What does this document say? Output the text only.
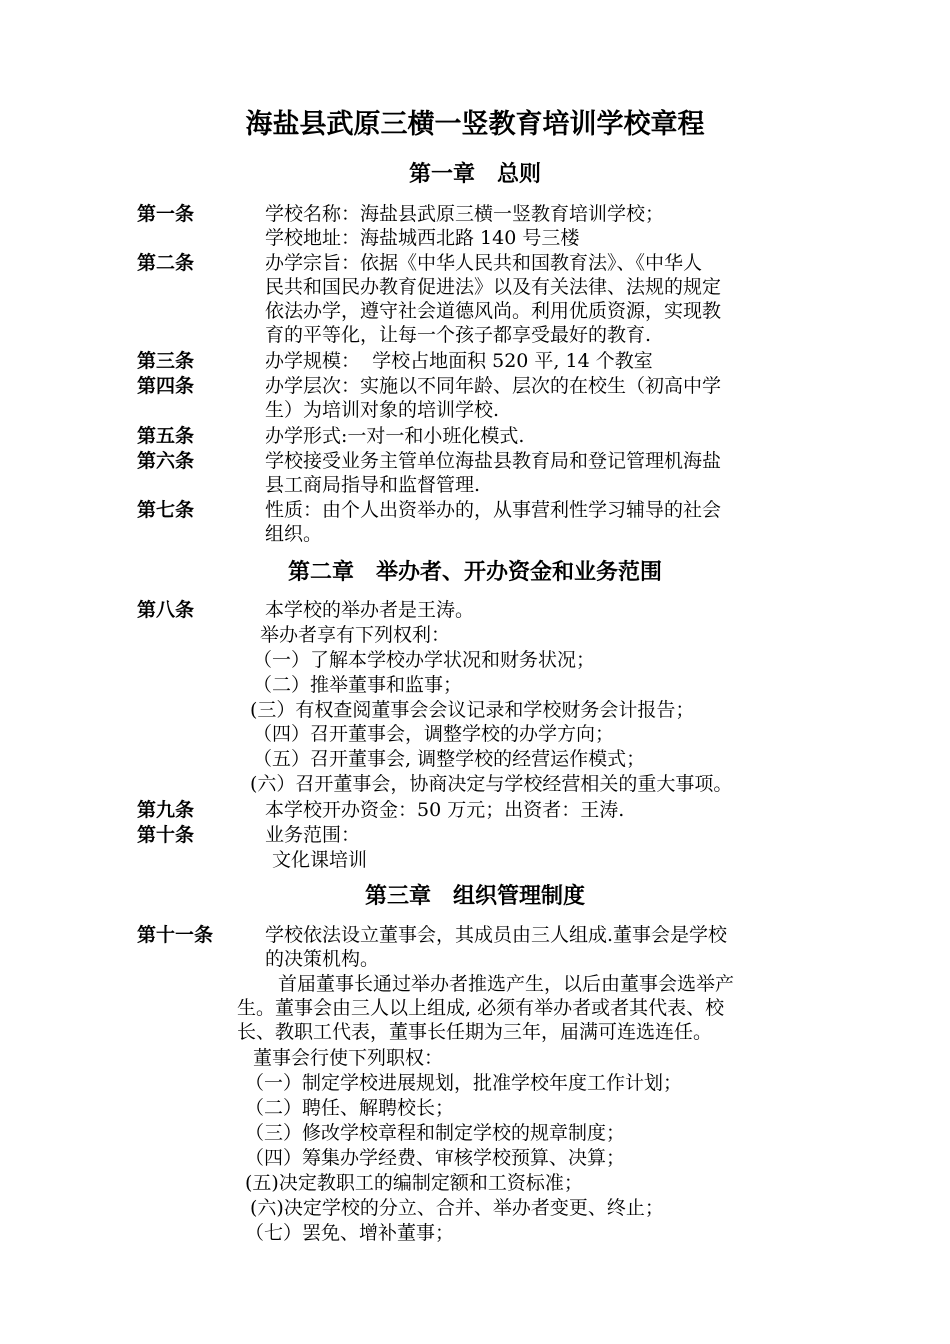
海盐县武原三横一竖教育培训学校章程
第一章　总则
第一条	学校名称：海盐县武原三横一竖教育培训学校；
学校地址：海盐城西北路 140 号三楼
第二条	办学宗旨：依据《中华人民共和国教育法》、《中华人
民共和国民办教育促进法》以及有关法律、法规的规定
依法办学，遵守社会道德风尚。利用优质资源，实现教
育的平等化，让每一个孩子都享受最好的教育.
第三条	办学规模：  学校占地面积 520 平, 14 个教室
第四条	办学层次：实施以不同年龄、层次的在校生（初高中学
生）为培训对象的培训学校.
第五条	办学形式:一对一和小班化模式.
第六条	学校接受业务主管单位海盐县教育局和登记管理机海盐
县工商局指导和监督管理.
第七条	性质：由个人出资举办的，从事营利性学习辅导的社会
组织。
第二章　举办者、开办资金和业务范围
第八条	本学校的举办者是王涛。
举办者享有下列权利：
（一）了解本学校办学状况和财务状况；
（二）推举董事和监事；
(三）有权查阅董事会会议记录和学校财务会计报告；
（四）召开董事会，调整学校的办学方向；
（五）召开董事会, 调整学校的经营运作模式；
(六）召开董事会，协商决定与学校经营相关的重大事项。
第九条	本学校开办资金：50 万元；出资者：王涛.
第十条	业务范围：
文化课培训
第三章　组织管理制度
第十一条	学校依法设立董事会，其成员由三人组成.董事会是学校
的决策机构。
首届董事长通过举办者推选产生，以后由董事会选举产
生。董事会由三人以上组成, 必须有举办者或者其代表、校
长、教职工代表，董事长任期为三年，届满可连选连任。
董事会行使下列职权：
（一）制定学校进展规划，批准学校年度工作计划；
（二）聘任、解聘校长；
（三）修改学校章程和制定学校的规章制度；
（四）筹集办学经费、审核学校预算、决算；
(五)决定教职工的编制定额和工资标准；
(六)决定学校的分立、合并、举办者变更、终止；
（七）罢免、增补董事；
